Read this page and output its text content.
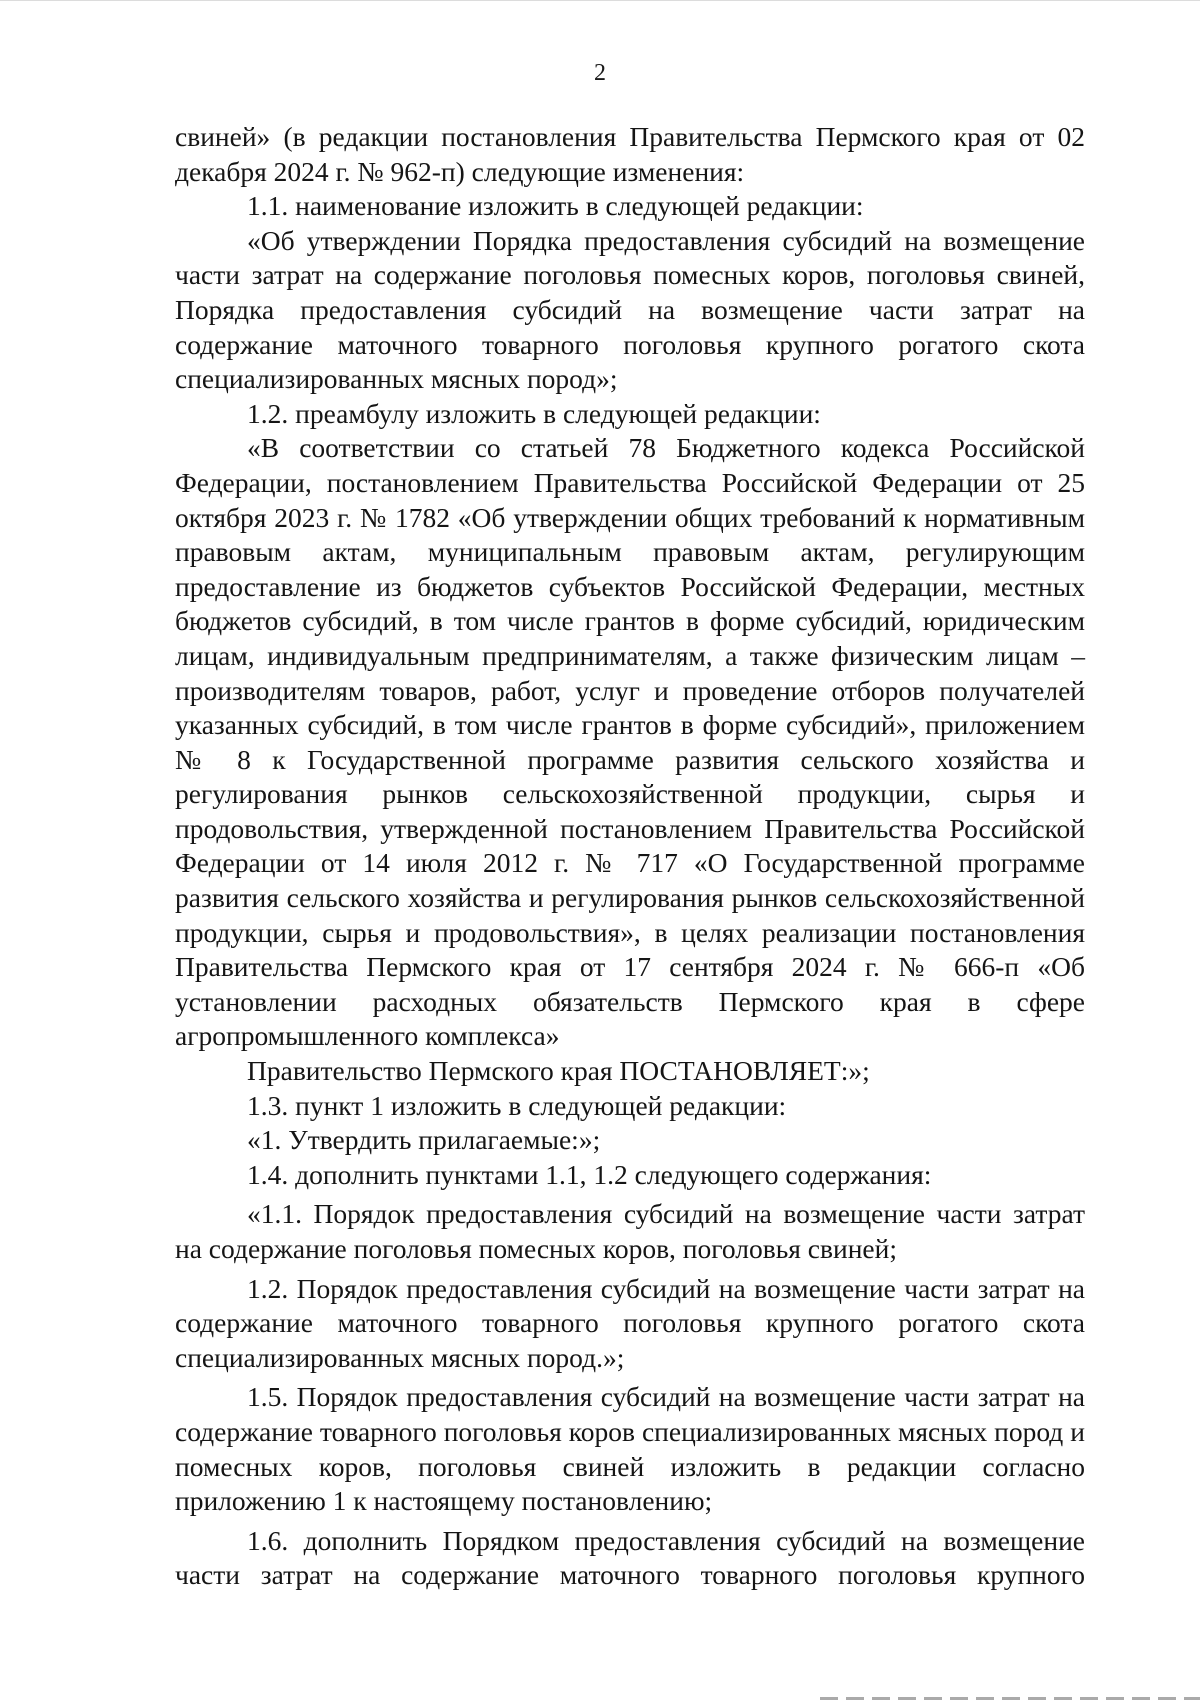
2

свиней» (в редакции постановления Правительства Пермского края от 02 декабря 2024 г. № 962-п) следующие изменения:

1.1. наименование изложить в следующей редакции:

«Об утверждении Порядка предоставления субсидий на возмещение части затрат на содержание поголовья помесных коров, поголовья свиней, Порядка предоставления субсидий на возмещение части затрат на содержание маточного товарного поголовья крупного рогатого скота специализированных мясных пород»;

1.2. преамбулу изложить в следующей редакции:

«В соответствии со статьей 78 Бюджетного кодекса Российской Федерации, постановлением Правительства Российской Федерации от 25 октября 2023 г. № 1782 «Об утверждении общих требований к нормативным правовым актам, муниципальным правовым актам, регулирующим предоставление из бюджетов субъектов Российской Федерации, местных бюджетов субсидий, в том числе грантов в форме субсидий, юридическим лицам, индивидуальным предпринимателям, а также физическим лицам – производителям товаров, работ, услуг и проведение отборов получателей указанных субсидий, в том числе грантов в форме субсидий», приложением № 8 к Государственной программе развития сельского хозяйства и регулирования рынков сельскохозяйственной продукции, сырья и продовольствия, утвержденной постановлением Правительства Российской Федерации от 14 июля 2012 г. № 717 «О Государственной программе развития сельского хозяйства и регулирования рынков сельскохозяйственной продукции, сырья и продовольствия», в целях реализации постановления Правительства Пермского края от 17 сентября 2024 г. № 666-п «Об установлении расходных обязательств Пермского края в сфере агропромышленного комплекса»

Правительство Пермского края ПОСТАНОВЛЯЕТ:»;

1.3. пункт 1 изложить в следующей редакции:

«1. Утвердить прилагаемые:»;

1.4. дополнить пунктами 1.1, 1.2 следующего содержания:

«1.1. Порядок предоставления субсидий на возмещение части затрат на содержание поголовья помесных коров, поголовья свиней;

1.2. Порядок предоставления субсидий на возмещение части затрат на содержание маточного товарного поголовья крупного рогатого скота специализированных мясных пород.»;

1.5. Порядок предоставления субсидий на возмещение части затрат на содержание товарного поголовья коров специализированных мясных пород и помесных коров, поголовья свиней изложить в редакции согласно приложению 1 к настоящему постановлению;

1.6. дополнить Порядком предоставления субсидий на возмещение части затрат на содержание маточного товарного поголовья крупного
